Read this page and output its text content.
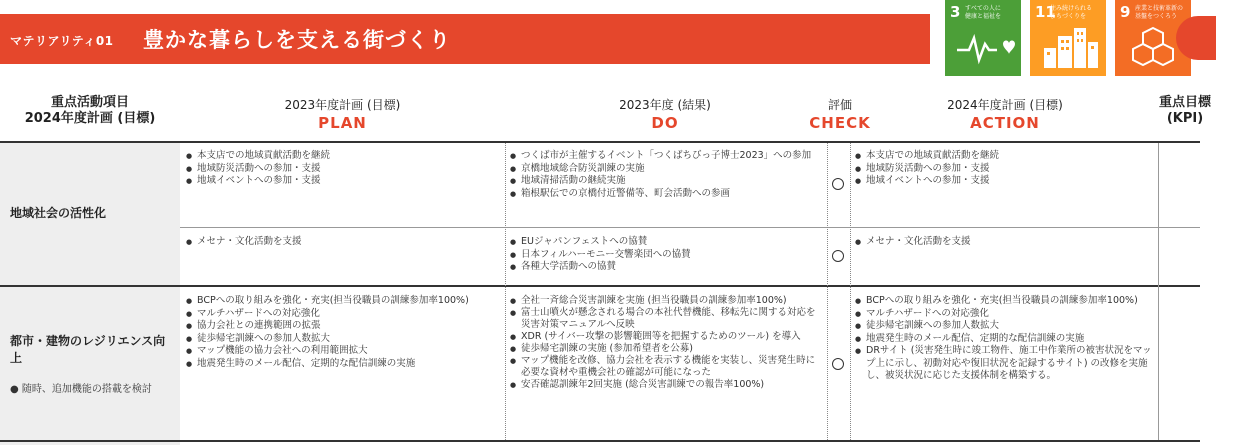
マテリアリティ01 豊かな暮らしを支える街づくり
3 すべての人に
健康と福祉を	11
住み続けられる
まちづくりを	9 産業と技術革新の
基盤をつくろう
重点活動項目
2024年度計画 (目標)
2023年度計画 (目標)
PLAN
2023年度 (結果)
DO
評価
CHECK
2024年度計画 (目標)
ACTION
重点目標
(KPI)
地域社会の活性化
● 本支店での地域貢献活動を継続
● 地域防災活動への参加・支援
● 地域イベントへの参加・支援
● つくば市が主催するイベント「つくばちびっ子博士2023」への参加
● 京橋地域総合防災訓練の実施
● 地域清掃活動の継続実施
● 箱根駅伝での京橋付近警備等、町会活動への参画
● 本支店での地域貢献活動を継続
● 地域防災活動への参加・支援
● 地域イベントへの参加・支援
● メセナ・文化活動を支援
●	EUジャパンフェストへの協賛
● 日本フィルハーモニー交響楽団への協賛
● 各種大学活動への協賛
● メセナ・文化活動を支援
都市・建物のレジリエンス向上
● 随時、追加機能の搭載を検討
● BCPへの取り組みを強化・充実(担当役職員の訓練参加率100%)
● マルチハザードへの対応強化
● 協力会社との連携範囲の拡張
● 徒歩帰宅訓練への参加人数拡大
● マップ機能の協力会社への利用範囲拡大
● 地震発生時のメール配信、定期的な配信訓練の実施
● 全社一斉総合災害訓練を実施 (担当役職員の訓練参加率100%)
● 富士山噴火が懸念される場合の本社代替機能、移転先に関する対応を災害対策マニュアルへ反映
● XDR (サイバー攻撃の影響範囲等を把握するためのツール) を導入
● 徒歩帰宅訓練の実施 (参加希望者を公募)
● マップ機能を改修、協力会社を表示する機能を実装し、災害発生時に必要な資材や重機会社の確認が可能になった
● 安否確認訓練年2回実施 (総合災害訓練での報告率100%)
● BCPへの取り組みを強化・充実(担当役職員の訓練参加率100%)
● マルチハザードへの対応強化
● 徒歩帰宅訓練への参加人数拡大
● 地震発生時のメール配信、定期的な配信訓練の実施
● DRサイト (災害発生時に竣工物件、施工中作業所の被害状況をマップ上に示し、初動対応や復旧状況を記録するサイト) の改修を実施し、被災状況に応じた支援体制を構築する。
